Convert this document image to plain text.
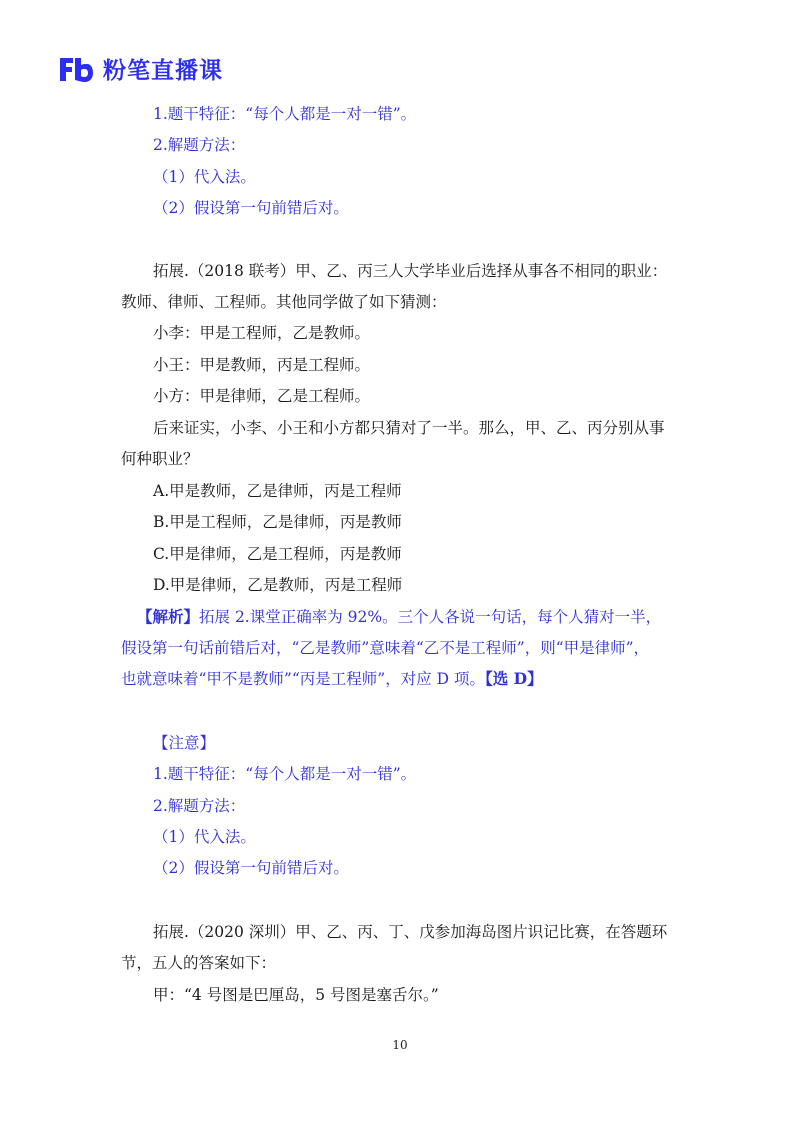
粉笔直播课
1.题干特征：“每个人都是一对一错”。
2.解题方法：
（1）代入法。
（2）假设第一句前错后对。
拓展.（2018 联考）甲、乙、丙三人大学毕业后选择从事各不相同的职业：
教师、律师、工程师。其他同学做了如下猜测：
小李：甲是工程师，乙是教师。
小王：甲是教师，丙是工程师。
小方：甲是律师，乙是工程师。
后来证实，小李、小王和小方都只猜对了一半。那么，甲、乙、丙分别从事
何种职业？
A.甲是教师，乙是律师，丙是工程师
B.甲是工程师，乙是律师，丙是教师
C.甲是律师，乙是工程师，丙是教师
D.甲是律师，乙是教师，丙是工程师
【解析】拓展 2.课堂正确率为 92%。三个人各说一句话，每个人猜对一半，
假设第一句话前错后对，“乙是教师”意味着“乙不是工程师”，则“甲是律师”，
也就意味着“甲不是教师”“丙是工程师”，对应 D 项。【选 D】
【注意】
1.题干特征：“每个人都是一对一错”。
2.解题方法：
（1）代入法。
（2）假设第一句前错后对。
拓展.（2020 深圳）甲、乙、丙、丁、戊参加海岛图片识记比赛，在答题环
节，五人的答案如下：
甲：“4 号图是巴厘岛，5 号图是塞舌尔。”
10
